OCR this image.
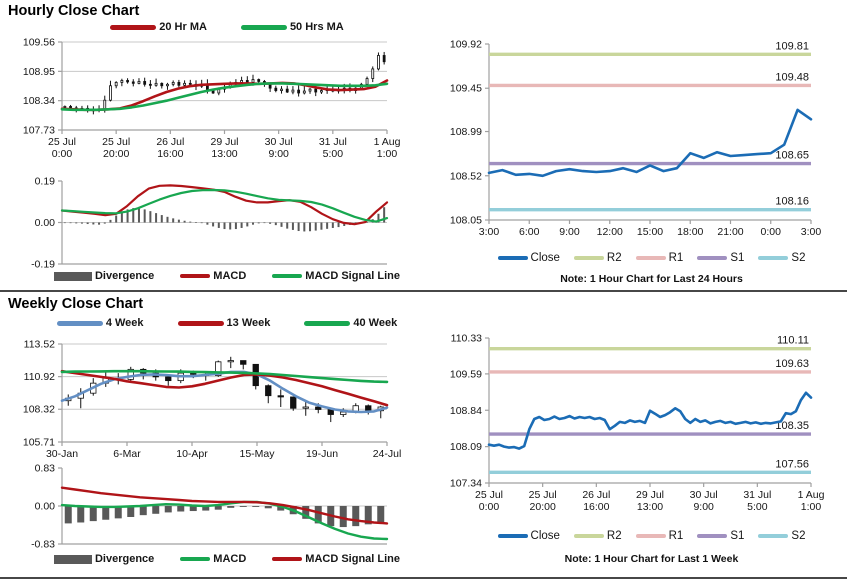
Hourly Close Chart
20 Hr MA	50 Hrs MA
109.56
108.95
108.34
107.73
25 Jul
0:00
25 Jul
20:00
26 Jul
16:00
29 Jul
13:00
30 Jul
9:00
31 Jul
5:00
1 Aug
1:00
0.19
0.00
-0.19
Divergence	MACD	MACD Signal Line
109.92
109.45
108.99
108.52
108.05
3:00 6:00 9:00 12:00 15:00 18:00 21:00 0:00 3:00
109.81
109.48
108.65
108.16
Close	R2	R1	S1	S2
Note: 1 Hour Chart for Last 24 Hours
Weekly Close Chart
4 Week	13 Week	40 Week
113.52
110.92
108.32
105.71
30-Jan	6-Mar	10-Apr	15-May	19-Jun	24-Jul
0.83
0.00
-0.83
Divergence	MACD	MACD Signal Line
110.33
109.59
108.84
108.09
107.34
25 Jul
0:00
25 Jul
20:00
26 Jul
16:00
29 Jul
13:00
30 Jul
9:00
31 Jul
5:00
1 Aug
1:00
110.11
109.63
108.35
107.56
Close	R2	R1	S1	S2
Note: 1 Hour Chart for Last 1 Week
